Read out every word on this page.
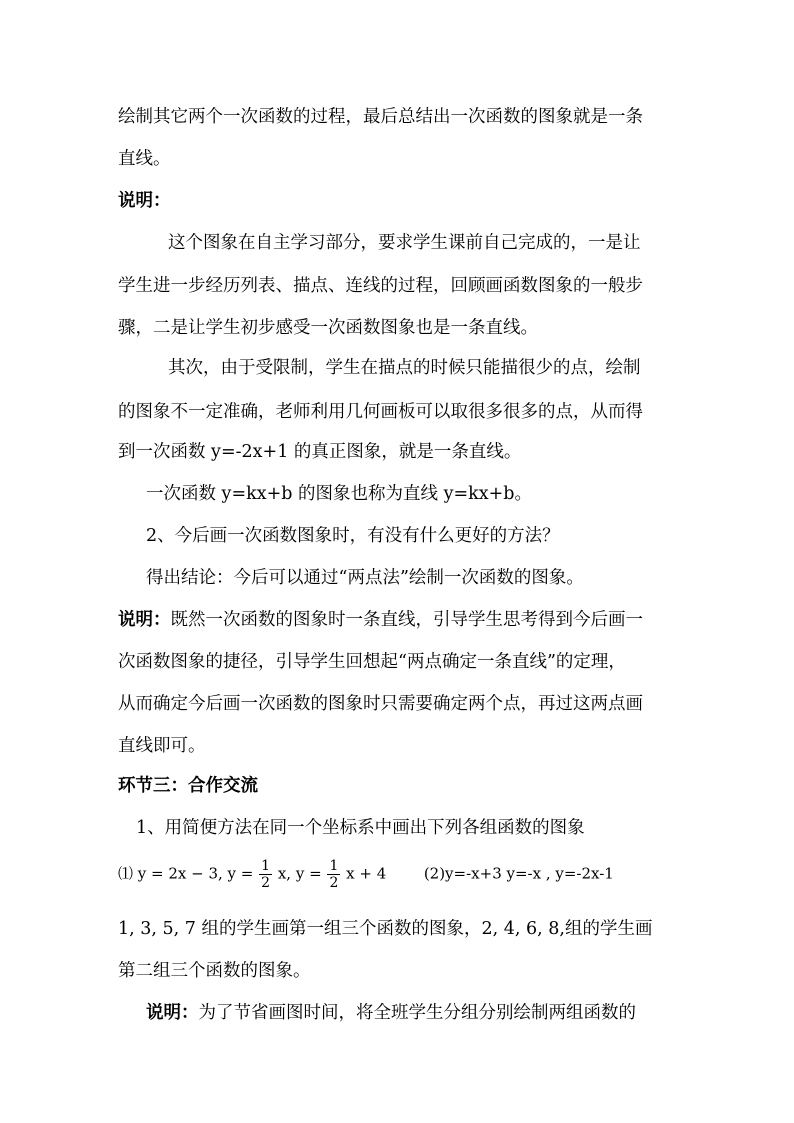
绘制其它两个一次函数的过程，最后总结出一次函数的图象就是一条
直线。
说明：
这个图象在自主学习部分，要求学生课前自己完成的，一是让
学生进一步经历列表、描点、连线的过程，回顾画函数图象的一般步
骤，二是让学生初步感受一次函数图象也是一条直线。
其次，由于受限制，学生在描点的时候只能描很少的点，绘制
的图象不一定准确，老师利用几何画板可以取很多很多的点，从而得
到一次函数 y=-2x+1 的真正图象，就是一条直线。
一次函数 y=kx+b 的图象也称为直线 y=kx+b。
2、今后画一次函数图象时，有没有什么更好的方法？
得出结论：今后可以通过“两点法”绘制一次函数的图象。
说明：既然一次函数的图象时一条直线，引导学生思考得到今后画一
次函数图象的捷径，引导学生回想起“两点确定一条直线”的定理，
从而确定今后画一次函数的图象时只需要确定两个点，再过这两点画
直线即可。
环节三：合作交流
1、用简便方法在同一个坐标系中画出下列各组函数的图象
⑴ y = 2x − 3, $y = \frac{1}{2} x$, $y = \frac{1}{2}$ x + 4	(2)y=-x+3 y=-x , y=-2x-1
1, 3, 5, 7 组的学生画第一组三个函数的图象，2, 4, 6, 8,组的学生画
第二组三个函数的图象。
说明：为了节省画图时间，将全班学生分组分别绘制两组函数的
